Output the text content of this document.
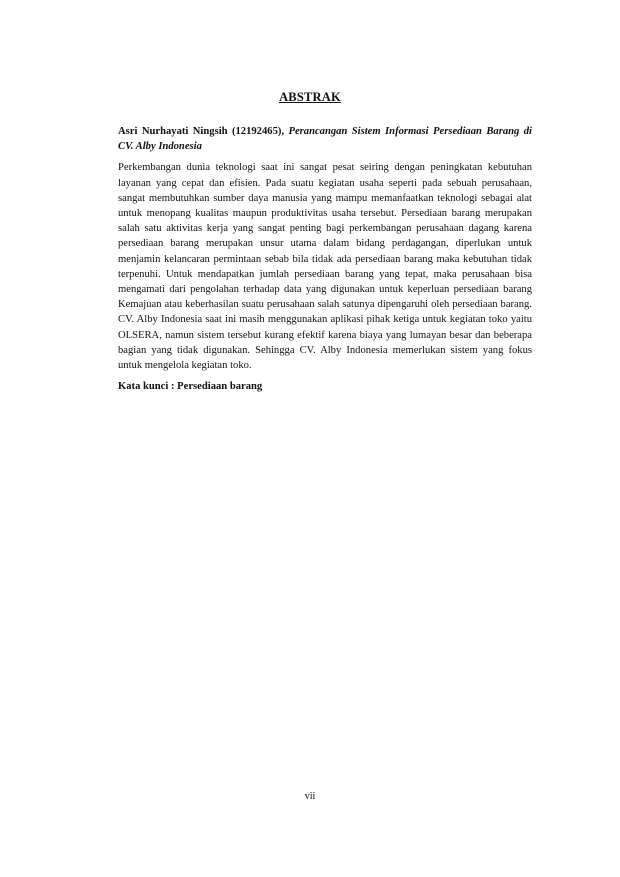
ABSTRAK

Asri Nurhayati Ningsih (12192465), Perancangan Sistem Informasi Persediaan Barang di CV. Alby Indonesia

Perkembangan dunia teknologi saat ini sangat pesat seiring dengan peningkatan kebutuhan layanan yang cepat dan efisien. Pada suatu kegiatan usaha seperti pada sebuah perusahaan, sangat membutuhkan sumber daya manusia yang mampu memanfaatkan teknologi sebagai alat untuk menopang kualitas maupun produktivitas usaha tersebut. Persediaan barang merupakan salah satu aktivitas kerja yang sangat penting bagi perkembangan perusahaan dagang karena persediaan barang merupakan unsur utama dalam bidang perdagangan, diperlukan untuk menjamin kelancaran permintaan sebab bila tidak ada persediaan barang maka kebutuhan tidak terpenuhi. Untuk mendapatkan jumlah persediaan barang yang tepat, maka perusahaan bisa mengamati dari pengolahan terhadap data yang digunakan untuk keperluan persediaan barang Kemajuan atau keberhasilan suatu perusahaan salah satunya dipengaruhi oleh persediaan barang. CV. Alby Indonesia saat ini masih menggunakan aplikasi pihak ketiga untuk kegiatan toko yaitu OLSERA, namun sistem tersebut kurang efektif karena biaya yang lumayan besar dan beberapa bagian yang tidak digunakan. Sehingga CV. Alby Indonesia memerlukan sistem yang fokus untuk mengelola kegiatan toko.

Kata kunci : Persediaan barang

vii
